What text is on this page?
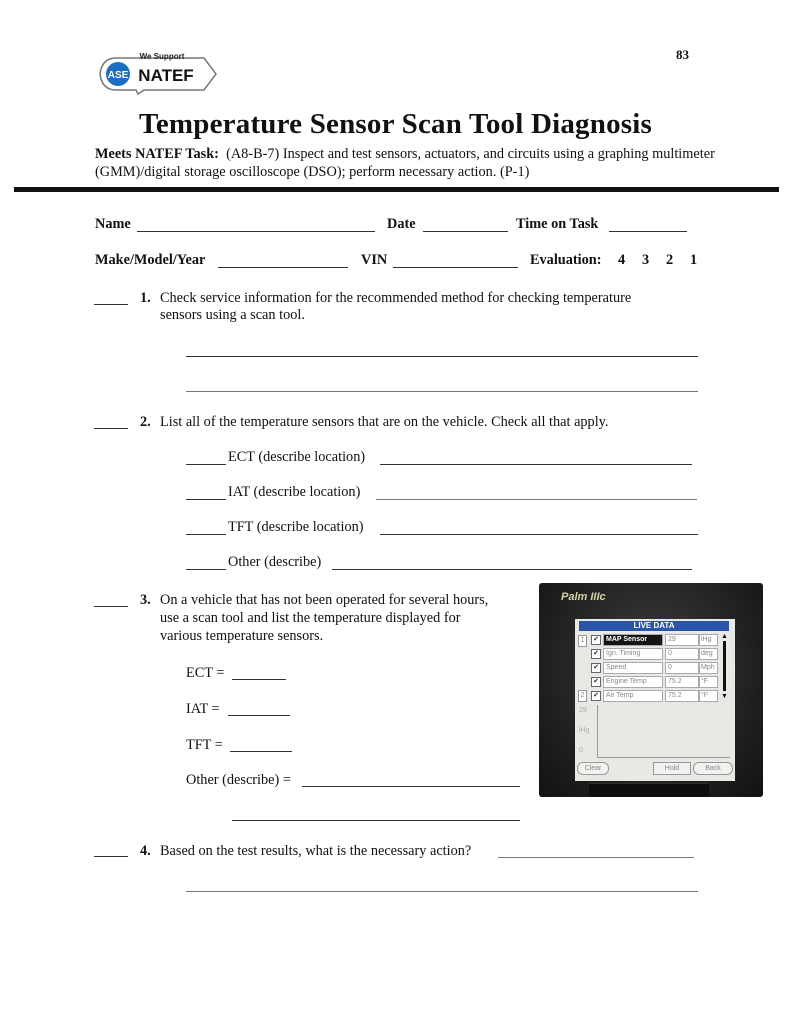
ASE
We Support
NATEF
83
Temperature Sensor Scan Tool Diagnosis
Meets NATEF Task: (A8-B-7) Inspect and test sensors, actuators, and circuits using a graphing multimeter (GMM)/digital storage oscilloscope (DSO); perform necessary action. (P-1)
Name	Date	Time on Task
Make/Model/Year	VIN	Evaluation: 4 3 2 1
1. Check service information for the recommended method for checking temperature
sensors using a scan tool.
2. List all of the temperature sensors that are on the vehicle. Check all that apply.
ECT (describe location)
IAT (describe location)
TFT (describe location)
Other (describe)
3. On a vehicle that has not been operated for several hours,
use a scan tool and list the temperature displayed for
various temperature sensors.
ECT =
IAT =
TFT =
Other (describe) =
Palm IIIc
LIVE DATA
1
2
✔	MAP Sensor	29	iHg
✔	Ign. Timing	0	deg
✔	Speed	0	Mph
✔	Engine Temp	75.2	°F
✔	Air Temp	75.2	°F
▲
▼
29
iHg
0
Clear	Hold	Back
4. Based on the test results, what is the necessary action?
